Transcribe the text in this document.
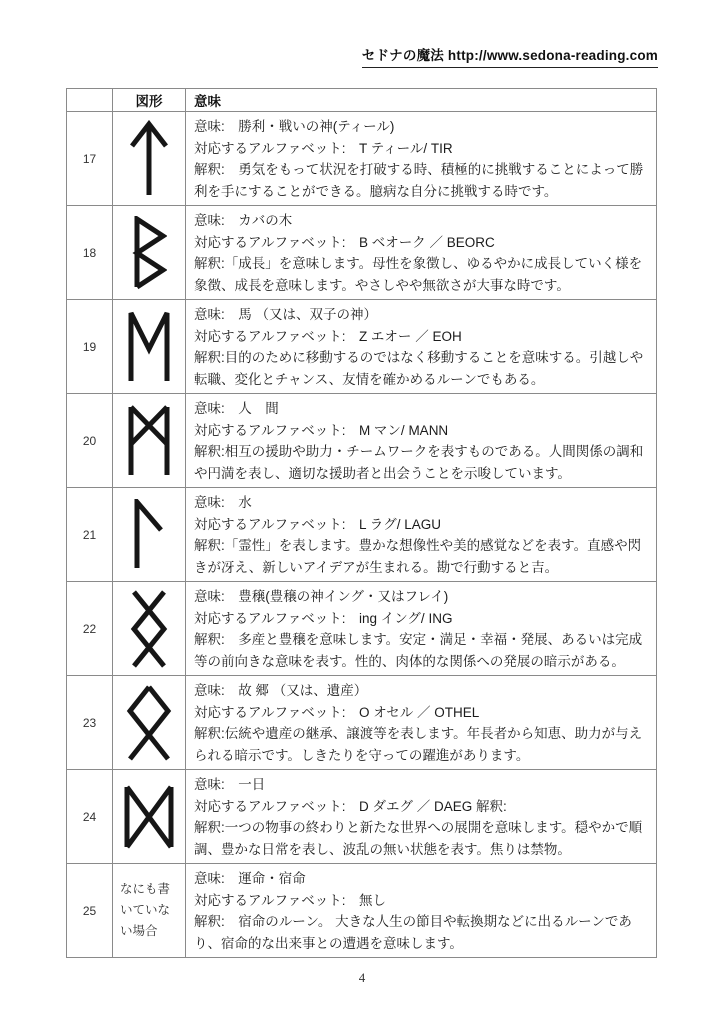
セドナの魔法 http://www.sedona-reading.com
	図形	意味
17		意味:　勝利・戦いの神(ティール)
対応するアルファベット:　T ティール/ TIR
解釈:　勇気をもって状況を打破する時、積極的に挑戦することによって勝利を手にすることができる。臆病な自分に挑戦する時です。

18		意味:　カバの木
対応するアルファベット:　B ベオーク ／ BEORC
解釈:「成長」を意味します。母性を象徴し、ゆるやかに成長していく様を象徴、成長を意味します。やさしやや無欲さが大事な時です。

19		意味:　馬 （又は、双子の神）
対応するアルファベット:　Z エオー ／ EOH
解釈:目的のために移動するのではなく移動することを意味する。引越しや転職、変化とチャンス、友情を確かめるルーンでもある。

20		意味:　人　間
対応するアルファベット:　M マン/ MANN
解釈:相互の援助や助力・チームワークを表すものである。人間関係の調和や円満を表し、適切な援助者と出会うことを示唆しています。

21		意味:　水
対応するアルファベット:　L ラグ/ LAGU
解釈:「霊性」を表します。豊かな想像性や美的感覚などを表す。直感や閃きが冴え、新しいアイデアが生まれる。勘で行動すると吉。

22		意味:　豊穣(豊穣の神イング・又はフレイ)
対応するアルファベット:　ing イング/ ING
解釈:　多産と豊穣を意味します。安定・満足・幸福・発展、あるいは完成等の前向きな意味を表す。性的、肉体的な関係への発展の暗示がある。

23		意味:　故 郷 （又は、遺産）
対応するアルファベット:　O オセル ／ OTHEL
解釈:伝統や遺産の継承、譲渡等を表します。年長者から知恵、助力が与えられる暗示です。しきたりを守っての躍進があります。

24		意味:　一日
対応するアルファベット:　D ダエグ ／ DAEG 解釈:
解釈:一つの物事の終わりと新たな世界への展開を意味します。穏やかで順調、豊かな日常を表し、波乱の無い状態を表す。焦りは禁物。

25	なにも書いていない場合	意味:　運命・宿命
対応するアルファベット:　無し
解釈:　宿命のルーン。 大きな人生の節目や転換期などに出るルーンであり、宿命的な出来事との遭遇を意味します。
4
